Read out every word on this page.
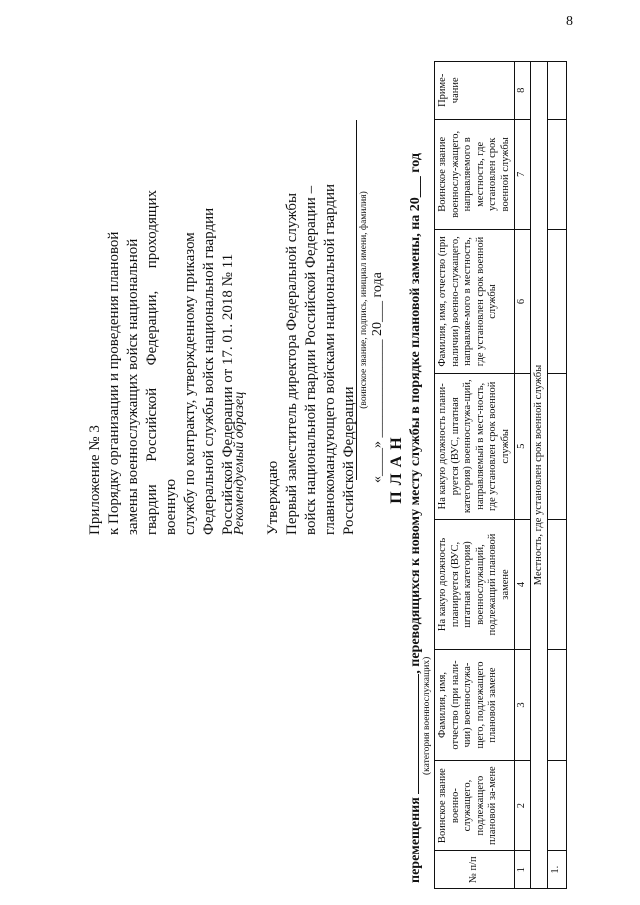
8
Приложение № 3 к Порядку организации и проведения плановой замены военнослужащих войск национальной гвардии Российской Федерации, проходящих военную службу по контракту, утвержденному приказом Федеральной службы войск национальной гвардии Российской Федерации от 17. 01. 2018 № 11
Рекомендуемый образец Утверждаю Первый заместитель директора Федеральной службы войск национальной гвардии Российской Федерации – главнокомандующего войсками национальной гвардии Российской Федерации
(воинское звание, подпись, инициал имени, фамилия) «____» ______________ 20___ года ПЛАН
перемещения , переводящихся к новому месту службы в порядке плановой замены, на 20___ год
(категория военнослужащих)
№ п/п	Воинское звание военно-служащего, подлежащего плановой за-мене	Фамилия, имя, отчество (при нали-чии) военнослужа-щего, подлежащего плановой замене	На какую должность планируется (ВУС, штатная категория) военнослужащий, подлежащий плановой замене	На какую должность плани-руется (ВУС, штатная категория) военнослужа-щий, направляемый в мест-ность, где установлен срок военной службы	Фамилия, имя, отчество (при наличии) военно-служащего, направляе-мого в местность, где установлен срок военной службы	Воинское звание военнослу-жащего, направляемого в местность, где установлен срок военной службы	Приме-чание
1	2	3	4	5	6	7	8
Местность, где установлен срок военной службы							
1.							
